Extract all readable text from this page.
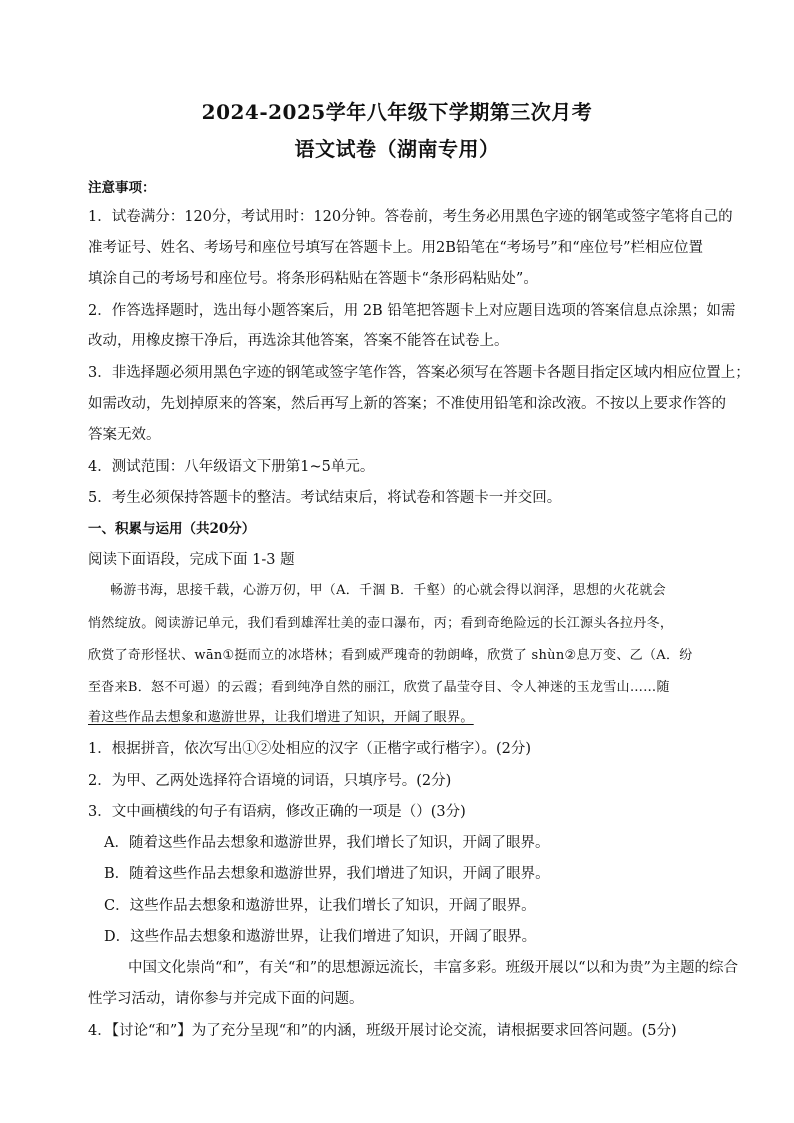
2024-2025学年八年级下学期第三次月考
语文试卷（湖南专用）
注意事项：
1．试卷满分：120分，考试用时：120分钟。答卷前，考生务必用黑色字迹的钢笔或签字笔将自己的
准考证号、姓名、考场号和座位号填写在答题卡上。用2B铅笔在“考场号”和“座位号”栏相应位置
填涂自己的考场号和座位号。将条形码粘贴在答题卡“条形码粘贴处”。
2．作答选择题时，选出每小题答案后，用 2B 铅笔把答题卡上对应题目选项的答案信息点涂黑；如需
改动，用橡皮擦干净后，再选涂其他答案，答案不能答在试卷上。
3．非选择题必须用黑色字迹的钢笔或签字笔作答，答案必须写在答题卡各题目指定区域内相应位置上；
如需改动，先划掉原来的答案，然后再写上新的答案；不准使用铅笔和涂改液。不按以上要求作答的
答案无效。
4．测试范围：八年级语文下册第1~5单元。
5．考生必须保持答题卡的整洁。考试结束后，将试卷和答题卡一并交回。
一、积累与运用（共20分）
阅读下面语段，完成下面 1-3 题
畅游书海，思接千载，心游万仞，甲（A．千涸 B．千壑）的心就会得以润泽，思想的火花就会
悄然绽放。阅读游记单元，我们看到雄浑壮美的壶口瀑布，丙；看到奇绝险远的长江源头各拉丹冬，
欣赏了奇形怪状、wān①挺而立的冰塔林；看到威严瑰奇的勃朗峰，欣赏了 shùn②息万变、乙（A．纷
至沓来B．怒不可遏）的云霞；看到纯净自然的丽江，欣赏了晶莹夺目、令人神迷的玉龙雪山……随
着这些作品去想象和遨游世界，让我们增进了知识，开阔了眼界。
1．根据拼音，依次写出①②处相应的汉字（正楷字或行楷字）。(2分)
2．为甲、乙两处选择符合语境的词语，只填序号。(2分)
3．文中画横线的句子有语病，修改正确的一项是（）(3分)
A．随着这些作品去想象和遨游世界，我们增长了知识，开阔了眼界。
B．随着这些作品去想象和遨游世界，我们增进了知识，开阔了眼界。
C．这些作品去想象和遨游世界，让我们增长了知识，开阔了眼界。
D．这些作品去想象和遨游世界，让我们增进了知识，开阔了眼界。
中国文化崇尚“和”，有关“和”的思想源远流长，丰富多彩。班级开展以“以和为贵”为主题的综合
性学习活动，请你参与并完成下面的问题。
4．【讨论“和”】为了充分呈现“和”的内涵，班级开展讨论交流，请根据要求回答问题。(5分)
